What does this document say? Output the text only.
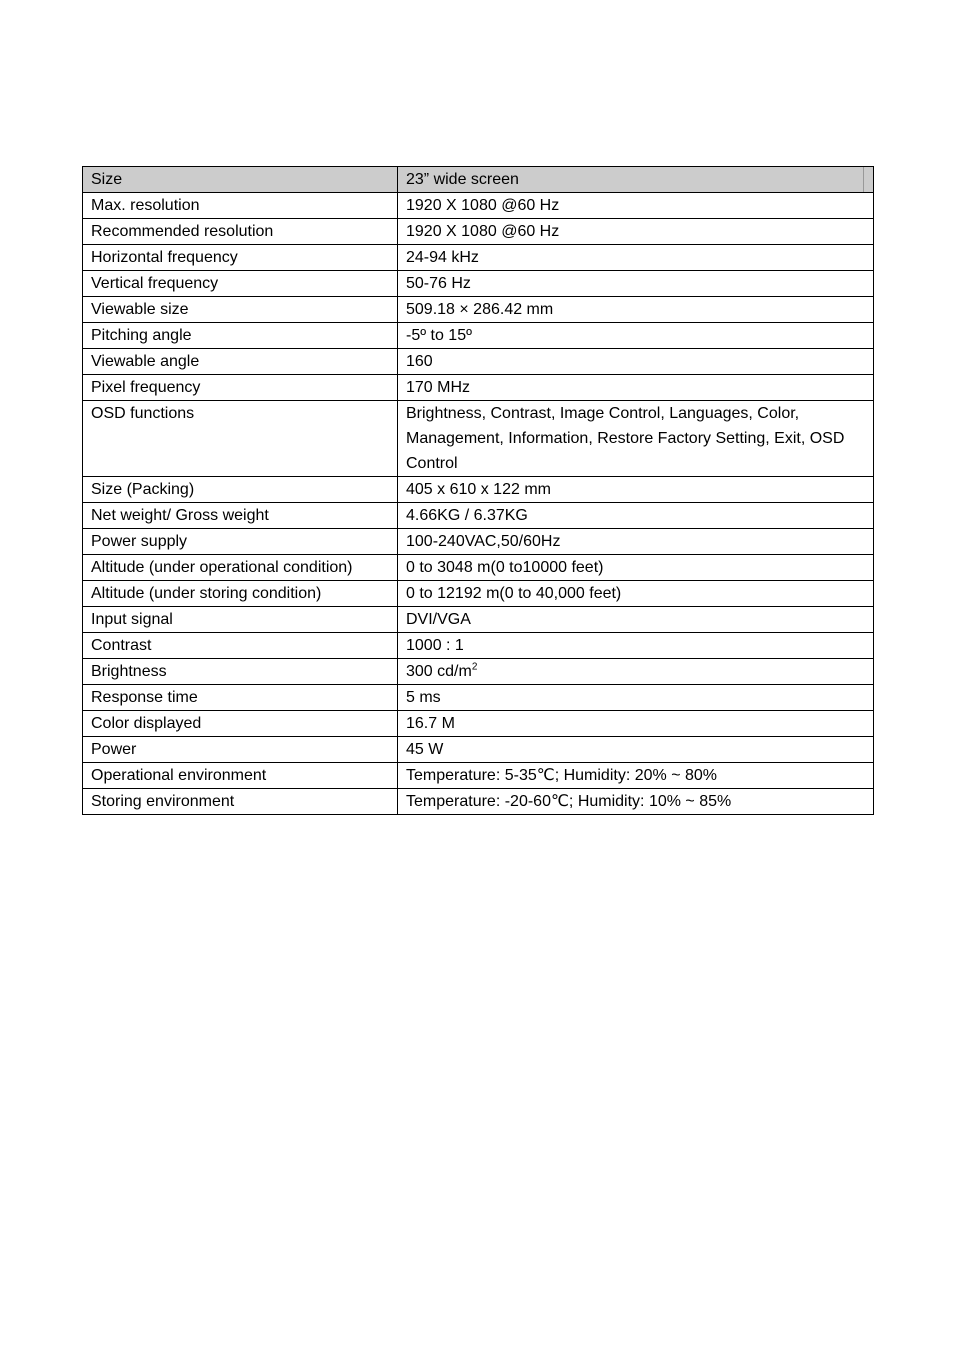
Size	23” wide screen
Max. resolution	1920 X 1080 @60 Hz
Recommended resolution	1920 X 1080 @60 Hz
Horizontal frequency	24-94 kHz
Vertical frequency	50-76 Hz
Viewable size	509.18 × 286.42 mm
Pitching angle	-5º to 15º
Viewable angle	160
Pixel frequency	170 MHz
OSD functions	Brightness, Contrast, Image Control, Languages, Color, Management, Information, Restore Factory Setting, Exit, OSD Control
Size (Packing)	405 x 610 x 122 mm
Net weight/ Gross weight	4.66KG / 6.37KG
Power supply	100-240VAC,50/60Hz
Altitude (under operational condition)	0 to 3048 m(0 to10000 feet)
Altitude (under storing condition)	0 to 12192 m(0 to 40,000 feet)
Input signal	DVI/VGA
Contrast	1000 : 1
Brightness	300 $cd/m^2$
Response time	5 ms
Color displayed	16.7 M
Power	45 W
Operational environment	Temperature: 5-35℃; Humidity: 20% ~ 80%
Storing environment	Temperature: -20-60℃; Humidity: 10% ~ 85%
